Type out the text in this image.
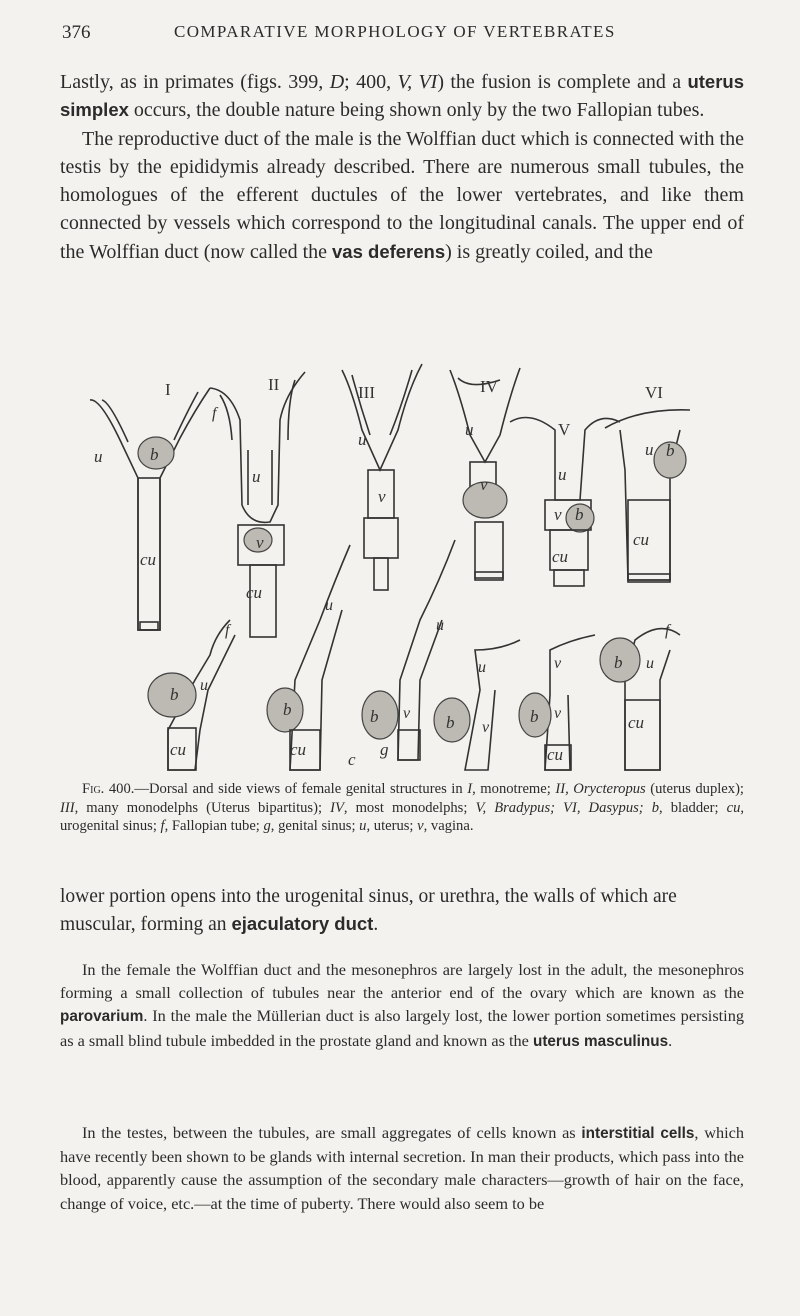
376	COMPARATIVE MORPHOLOGY OF VERTEBRATES

Lastly, as in primates (figs. 399, D; 400, V, VI) the fusion is complete and a uterus simplex occurs, the double nature being shown only by the two Fallopian tubes.
The reproductive duct of the male is the Wolffian duct which is connected with the testis by the epididymis already described. There are numerous small tubules, the homologues of the efferent ductules of the lower vertebrates, and like them connected by vessels which correspond to the longitudinal canals. The upper end of the Wolffian duct (now called the vas deferens) is greatly coiled, and the

I
u	b
cu
II
f
u
v
cu
III
u
v
IV
u
v
V
u
v b
cu
VI
u b
cu
b u
f
cu
b
u
cu
b v
u
c
g
b v
u
b v
v
cu
b u
f
cu

Fig. 400.—Dorsal and side views of female genital structures in I, monotreme; II, Orycteropus (uterus duplex); III, many monodelphs (Uterus bipartitus); IV, most monodelphs; V, Bradypus; VI, Dasypus; b, bladder; cu, urogenital sinus; f, Fallopian tube; g, genital sinus; u, uterus; v, vagina.

lower portion opens into the urogenital sinus, or urethra, the walls of which are muscular, forming an ejaculatory duct.

In the female the Wolffian duct and the mesonephros are largely lost in the adult, the mesonephros forming a small collection of tubules near the anterior end of the ovary which are known as the parovarium. In the male the Müllerian duct is also largely lost, the lower portion sometimes persisting as a small blind tubule imbedded in the prostate gland and known as the uterus masculinus.

In the testes, between the tubules, are small aggregates of cells known as interstitial cells, which have recently been shown to be glands with internal secretion. In man their products, which pass into the blood, apparently cause the assumption of the secondary male characters—growth of hair on the face, change of voice, etc.—at the time of puberty. There would also seem to be
